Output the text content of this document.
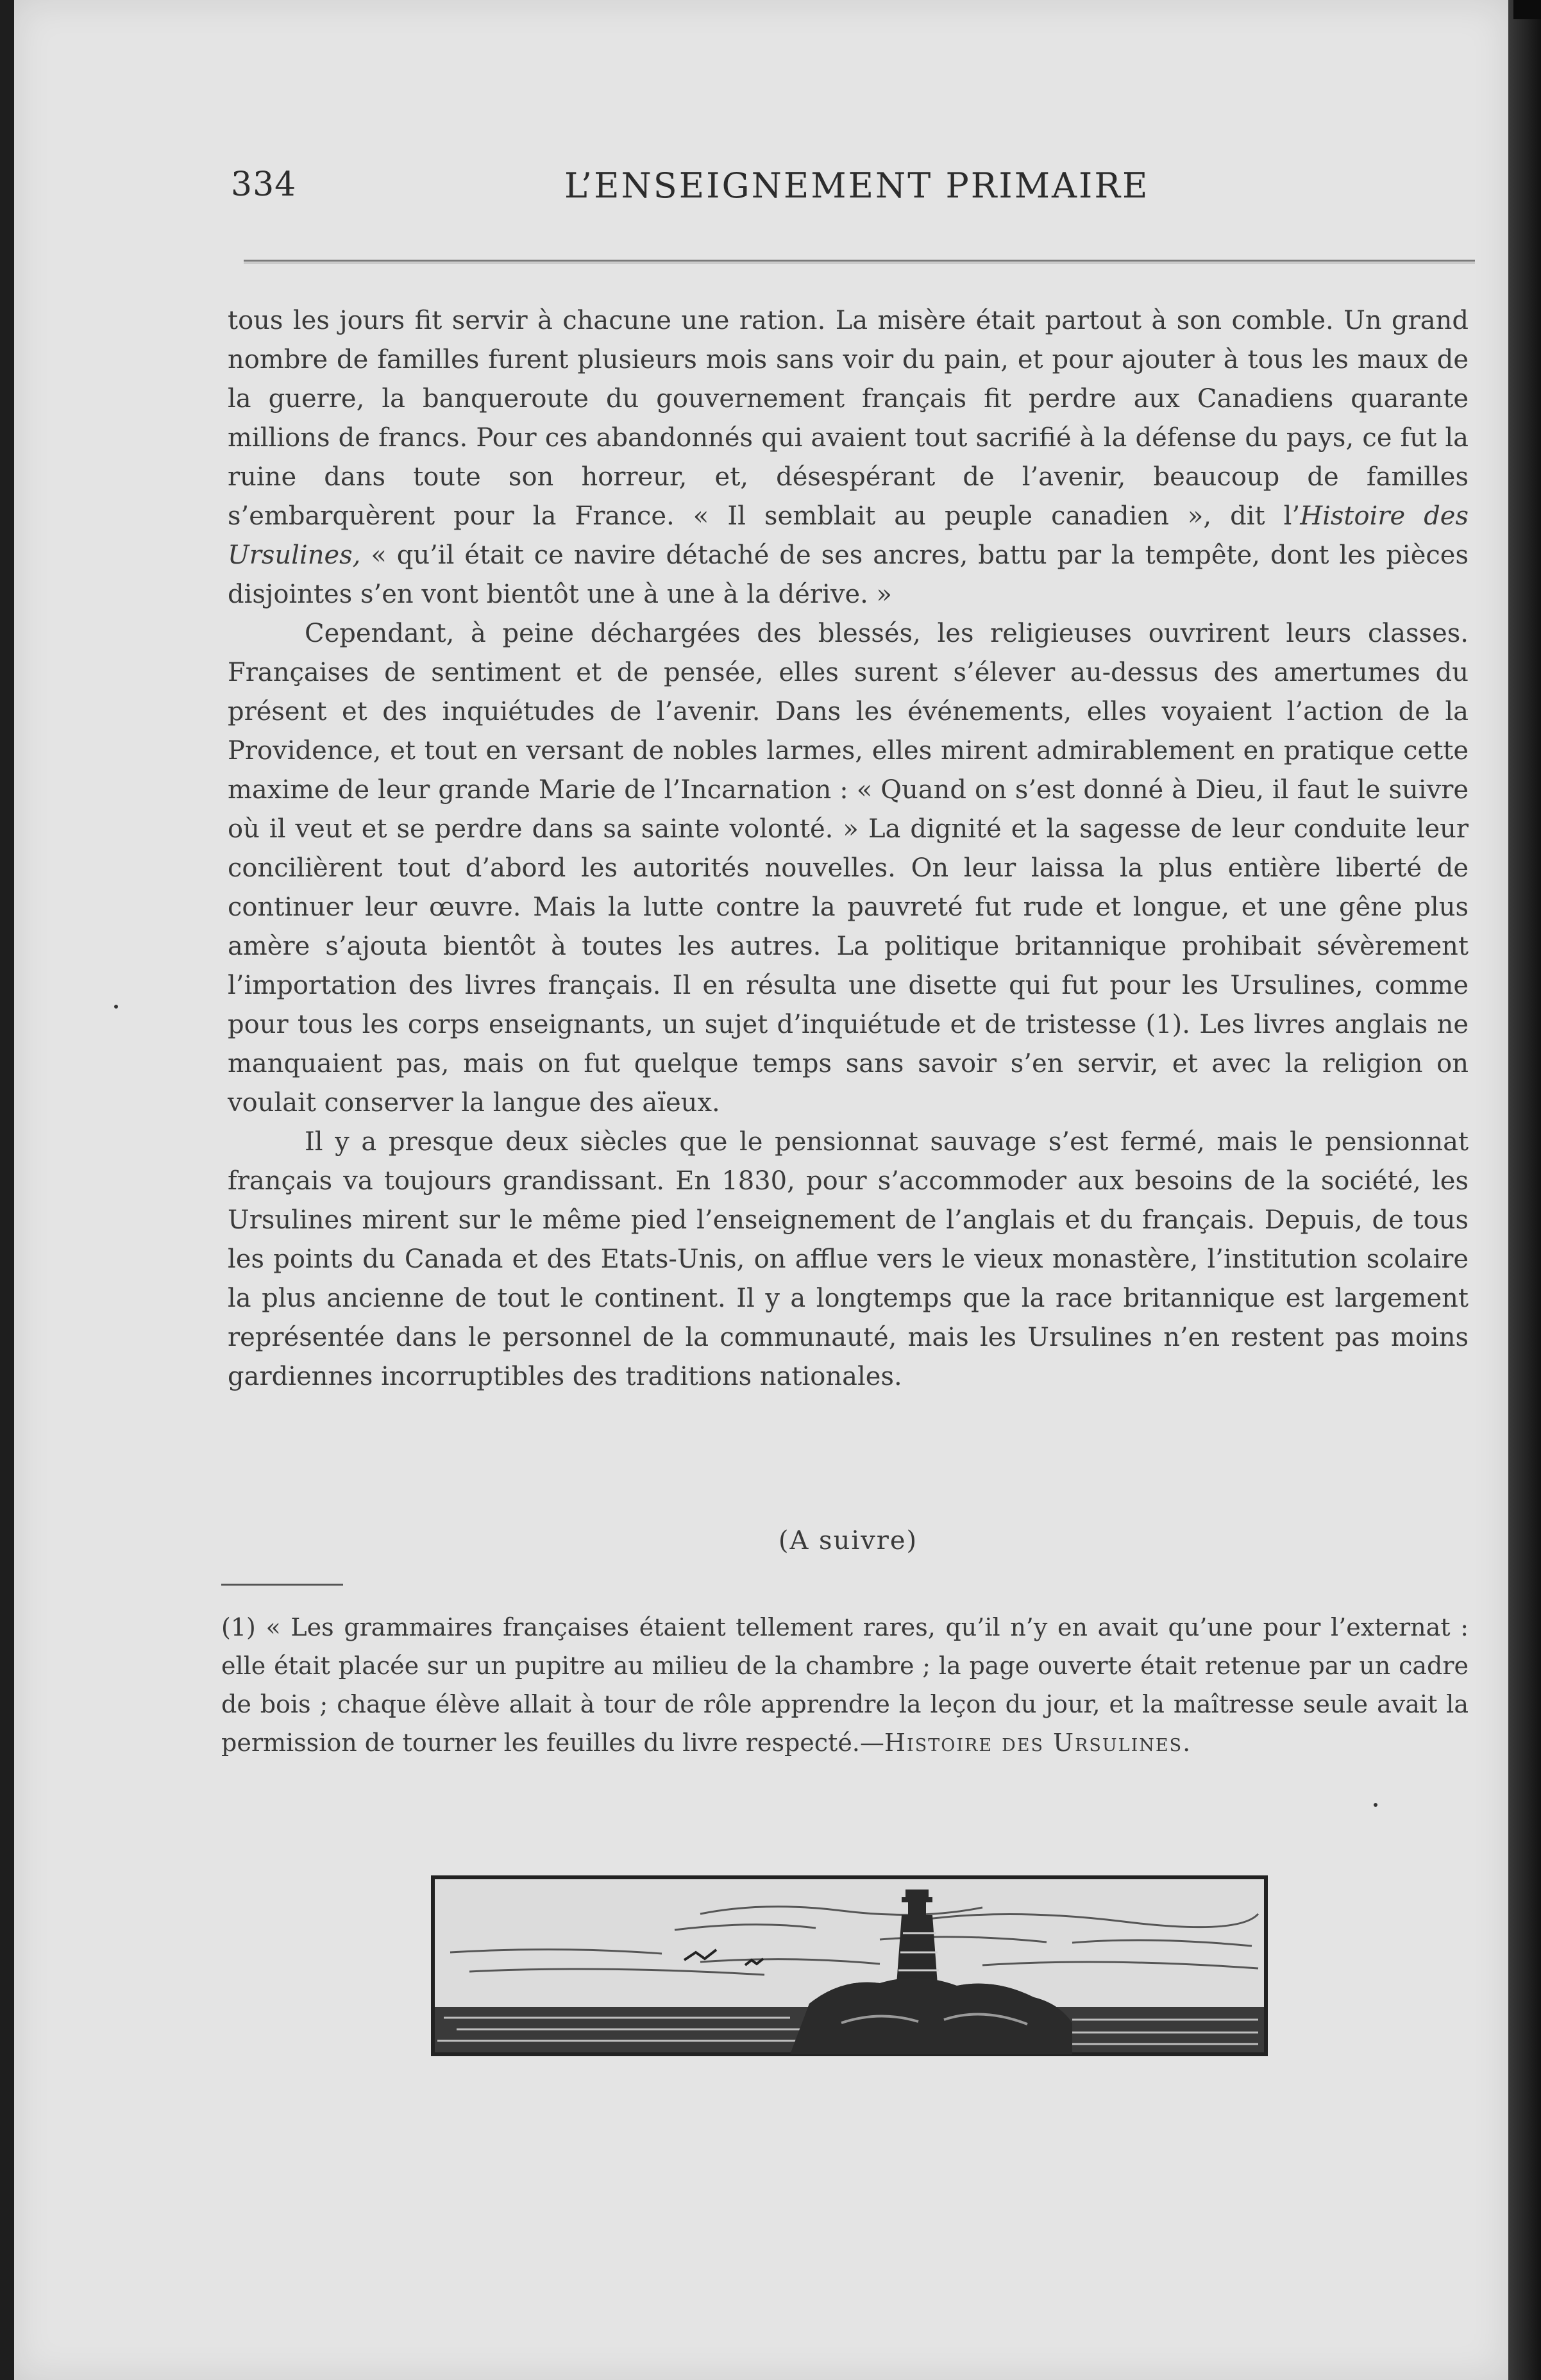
334	L’ENSEIGNEMENT PRIMAIRE

tous les jours fit servir à chacune une ration. La misère était partout à son comble. Un grand nombre de familles furent plusieurs mois sans voir du pain, et pour ajouter à tous les maux de la guerre, la banqueroute du gouvernement français fit perdre aux Canadiens quarante millions de francs. Pour ces abandonnés qui avaient tout sacrifié à la défense du pays, ce fut la ruine dans toute son horreur, et, désespérant de l’avenir, beaucoup de familles s’embarquèrent pour la France. « Il semblait au peuple canadien », dit l’Histoire des Ursulines, « qu’il était ce navire détaché de ses ancres, battu par la tempête, dont les pièces disjointes s’en vont bientôt une à une à la dérive. »

Cependant, à peine déchargées des blessés, les religieuses ouvrirent leurs classes. Françaises de sentiment et de pensée, elles surent s’élever au-dessus des amertumes du présent et des inquiétudes de l’avenir. Dans les événements, elles voyaient l’action de la Providence, et tout en versant de nobles larmes, elles mirent admirablement en pratique cette maxime de leur grande Marie de l’Incarnation : « Quand on s’est donné à Dieu, il faut le suivre où il veut et se perdre dans sa sainte volonté. » La dignité et la sagesse de leur conduite leur concilièrent tout d’abord les autorités nouvelles. On leur laissa la plus entière liberté de continuer leur œuvre. Mais la lutte contre la pauvreté fut rude et longue, et une gêne plus amère s’ajouta bientôt à toutes les autres. La politique britannique prohibait sévèrement l’importation des livres français. Il en résulta une disette qui fut pour les Ursulines, comme pour tous les corps enseignants, un sujet d’inquiétude et de tristesse (1). Les livres anglais ne manquaient pas, mais on fut quelque temps sans savoir s’en servir, et avec la religion on voulait conserver la langue des aïeux.

Il y a presque deux siècles que le pensionnat sauvage s’est fermé, mais le pensionnat français va toujours grandissant. En 1830, pour s’accommoder aux besoins de la société, les Ursulines mirent sur le même pied l’enseignement de l’anglais et du français. Depuis, de tous les points du Canada et des Etats-Unis, on afflue vers le vieux monastère, l’institution scolaire la plus ancienne de tout le continent. Il y a longtemps que la race britannique est largement représentée dans le personnel de la communauté, mais les Ursulines n’en restent pas moins gardiennes incorruptibles des traditions nationales.

(A suivre)
(1) « Les grammaires françaises étaient tellement rares, qu’il n’y en avait qu’une pour l’externat : elle était placée sur un pupitre au milieu de la chambre ; la page ouverte était retenue par un cadre de bois ; chaque élève allait à tour de rôle apprendre la leçon du jour, et la maîtresse seule avait la permission de tourner les feuilles du livre respecté.—Histoire des Ursulines.
